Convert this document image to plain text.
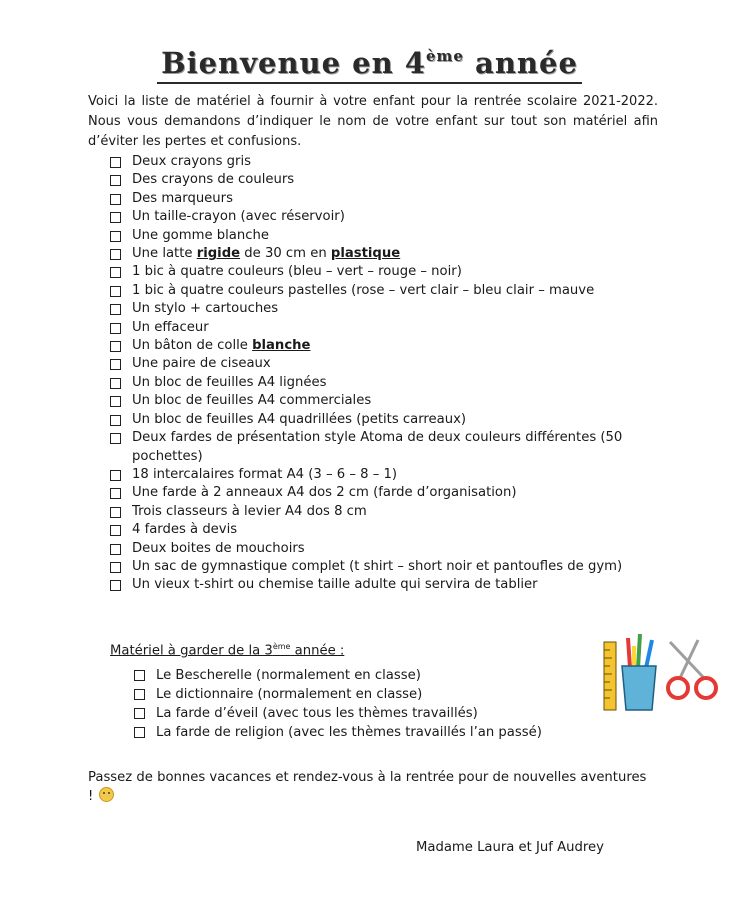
Bienvenue en 4ème année
Voici la liste de matériel à fournir à votre enfant pour la rentrée scolaire 2021-2022. Nous vous demandons d’indiquer le nom de votre enfant sur tout son matériel afin d’éviter les pertes et confusions.
Deux crayons gris
Des crayons de couleurs
Des marqueurs
Un taille-crayon (avec réservoir)
Une gomme blanche
Une latte rigide de 30 cm en plastique
1 bic à quatre couleurs (bleu – vert – rouge – noir)
1 bic à quatre couleurs pastelles (rose – vert clair – bleu clair – mauve
Un stylo + cartouches
Un effaceur
Un bâton de colle blanche
Une paire de ciseaux
Un bloc de feuilles A4 lignées
Un bloc de feuilles A4 commerciales
Un bloc de feuilles A4 quadrillées (petits carreaux)
Deux fardes de présentation style Atoma de deux couleurs différentes (50 pochettes)
18 intercalaires format A4 (3 – 6 – 8 – 1)
Une farde à 2 anneaux A4 dos 2 cm (farde d’organisation)
Trois classeurs à levier A4 dos 8 cm
4 fardes à devis
Deux boites de mouchoirs
Un sac de gymnastique complet (t shirt – short noir et pantoufles de gym)
Un vieux t-shirt ou chemise taille adulte qui servira de tablier
Matériel à garder de la 3ème année :
Le Bescherelle (normalement en classe)
Le dictionnaire (normalement en classe)
La farde d’éveil (avec tous les thèmes travaillés)
La farde de religion (avec les thèmes travaillés l’an passé)
Passez de bonnes vacances et rendez-vous à la rentrée pour de nouvelles aventures !
Madame Laura et Juf Audrey
